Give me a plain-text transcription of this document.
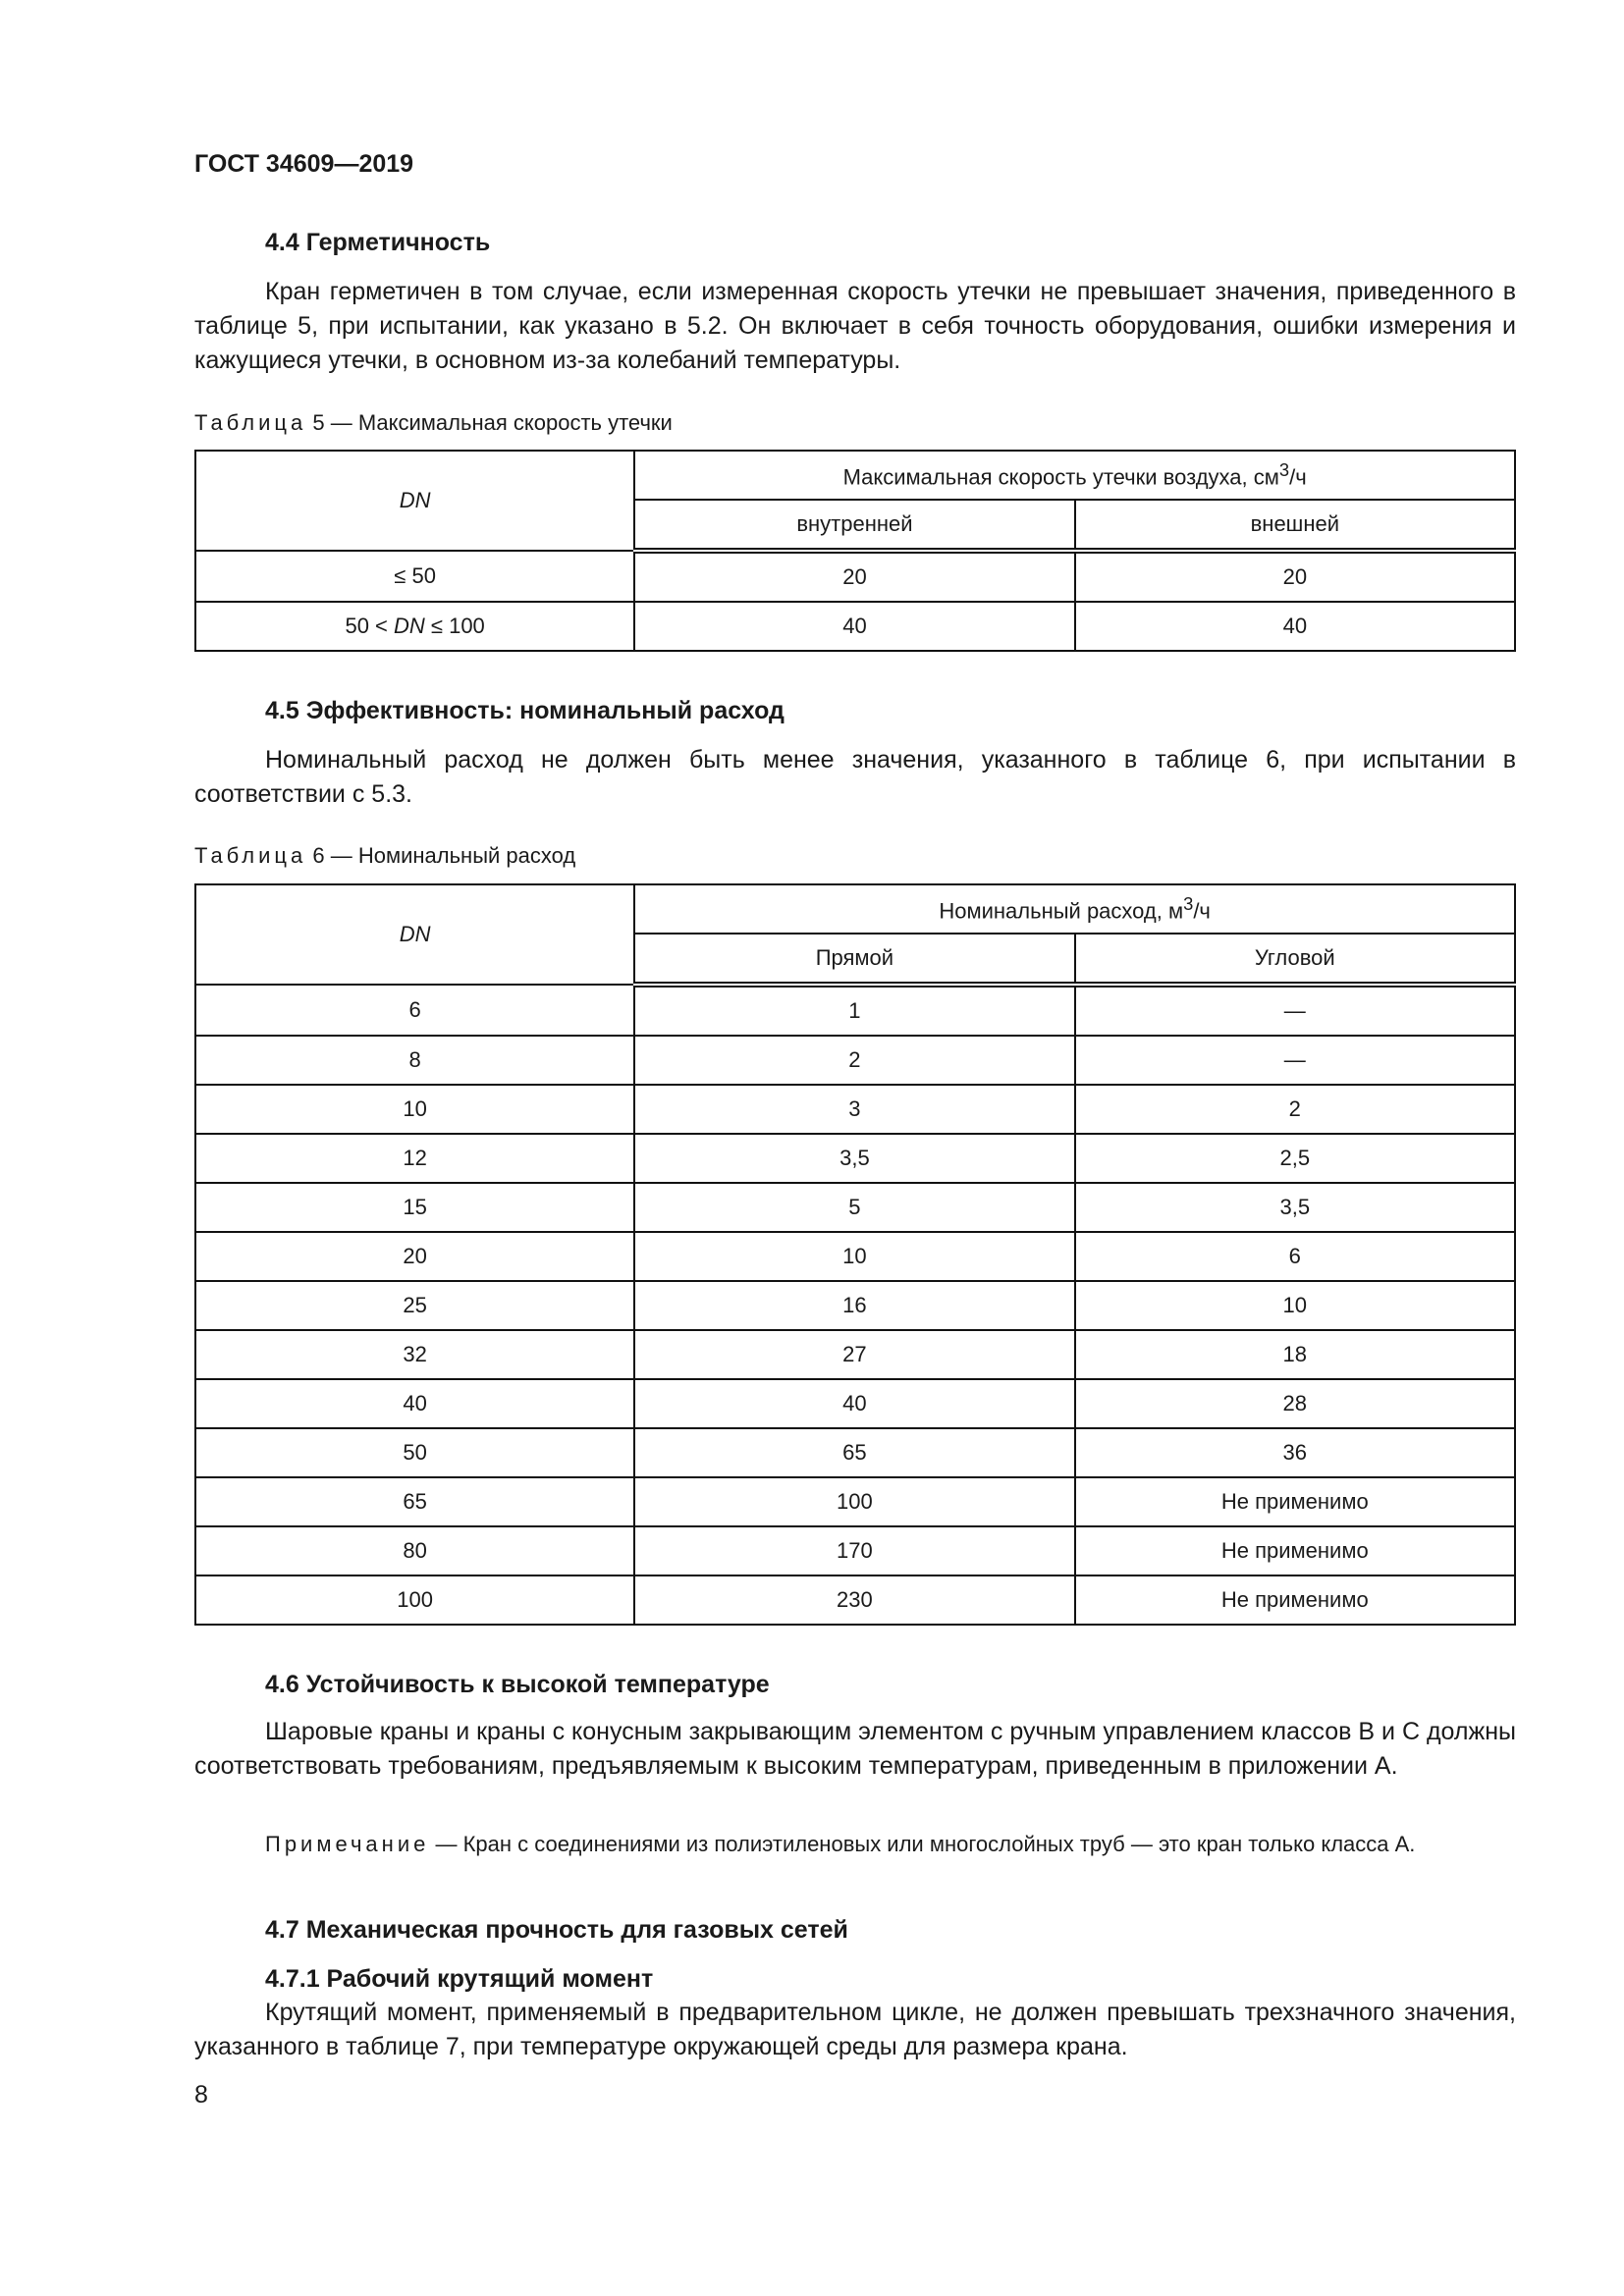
ГОСТ 34609—2019
4.4 Герметичность
Кран герметичен в том случае, если измеренная скорость утечки не превышает значения, приведенного в таблице 5, при испытании, как указано в 5.2. Он включает в себя точность оборудования, ошибки измерения и кажущиеся утечки, в основном из-за колебаний температуры.
Таблица 5 — Максимальная скорость утечки
DN	Максимальная скорость утечки воздуха, $см^3/ч$	
	внутренней	внешней
≤ 50	20	20
50 < DN ≤ 100	40	40
4.5 Эффективность: номинальный расход
Номинальный расход не должен быть менее значения, указанного в таблице 6, при испытании в соответствии с 5.3.
Таблица 6 — Номинальный расход
DN	Номинальный расход, $м^3/ч$	
	Прямой	Угловой
6	1	—
8	2	—
10	3	2
12	3,5	2,5
15	5	3,5
20	10	6
25	16	10
32	27	18
40	40	28
50	65	36
65	100	Не применимо
80	170	Не применимо
100	230	Не применимо
4.6 Устойчивость к высокой температуре
Шаровые краны и краны с конусным закрывающим элементом с ручным управлением классов В и С должны соответствовать требованиям, предъявляемым к высоким температурам, приведенным в приложении А.
Примечание — Кран с соединениями из полиэтиленовых или многослойных труб — это кран только класса А.
4.7 Механическая прочность для газовых сетей
4.7.1 Рабочий крутящий момент
Крутящий момент, применяемый в предварительном цикле, не должен превышать трехзначного значения, указанного в таблице 7, при температуре окружающей среды для размера крана.
8
